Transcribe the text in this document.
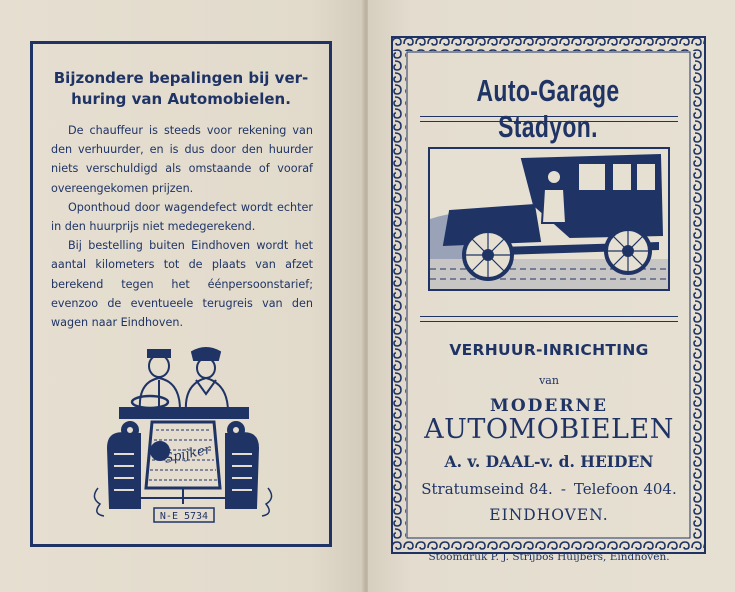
Bijzondere bepalingen bij ver-
huring van Automobielen.

De chauffeur is steeds voor rekening van den verhuurder, en is dus door den huurder niets verschuldigd als omstaande of vooraf overeengekomen prijzen.

Oponthoud door wagendefect wordt echter in den huurprijs niet medegerekend.

Bij bestelling buiten Eindhoven wordt het aantal kilometers tot de plaats van afzet berekend tegen het éénpersoonstarief; evenzoo de eventueele terugreis van den wagen naar Eindhoven.

Spijker
N-E 5734
Auto-Garage Stadyon.

VERHUUR-INRICHTING

van

MODERNE

AUTOMOBIELEN

A. v. DAAL-v. d. HEIDEN

Stratumseind 84. - Telefoon 404.

EINDHOVEN.

Stoomdruk P. J. Strijbos Huijbers, Eindhoven.
